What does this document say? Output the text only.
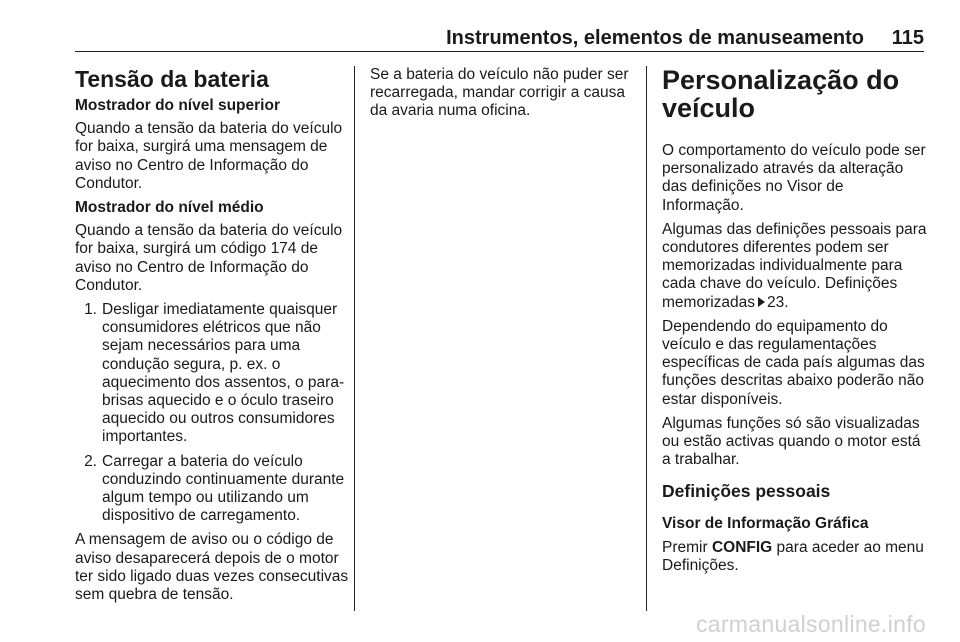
Instrumentos, elementos de manuseamento 115
Tensão da bateria
Mostrador do nível superior

Quando a tensão da bateria do veículo for baixa, surgirá uma mensagem de aviso no Centro de Informação do Condutor.

Mostrador do nível médio

Quando a tensão da bateria do veículo for baixa, surgirá um código 174 de aviso no Centro de Informação do Condutor.

1. Desligar imediatamente quaisquer consumidores elétricos que não sejam necessários para uma condução segura, p. ex. o aquecimento dos assentos, o para-brisas aquecido e o óculo traseiro aquecido ou outros consumidores importantes.
2. Carregar a bateria do veículo conduzindo continuamente durante algum tempo ou utilizando um dispositivo de carregamento.

A mensagem de aviso ou o código de aviso desaparecerá depois de o motor ter sido ligado duas vezes consecutivas sem quebra de tensão.

Se a bateria do veículo não puder ser recarregada, mandar corrigir a causa da avaria numa oficina.

Personalização do veículo

O comportamento do veículo pode ser personalizado através da alteração das definições no Visor de Informação.

Algumas das definições pessoais para condutores diferentes podem ser memorizadas individualmente para cada chave do veículo. Definições memorizadas 23.

Dependendo do equipamento do veículo e das regulamentações específicas de cada país algumas das funções descritas abaixo poderão não estar disponíveis.

Algumas funções só são visualizadas ou estão activas quando o motor está a trabalhar.

Definições pessoais
Visor de Informação Gráfica

Premir CONFIG para aceder ao menu Definições.

carmanualsonline.info
